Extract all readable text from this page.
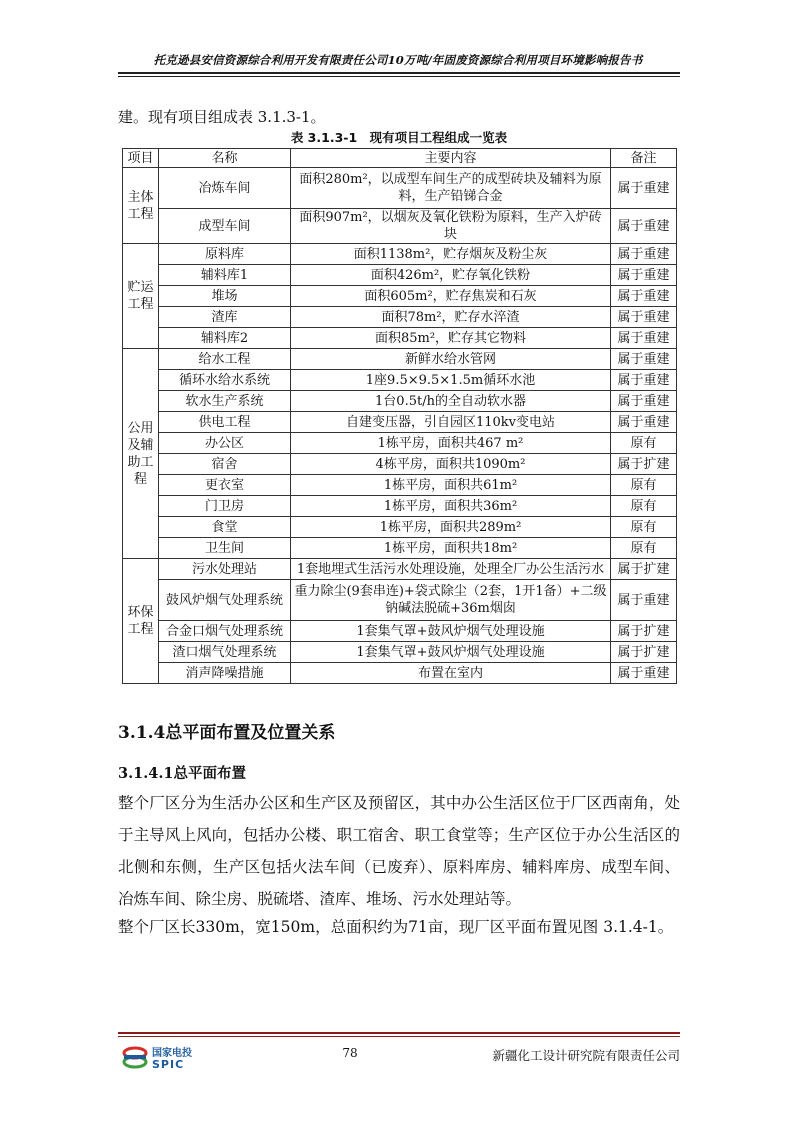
托克逊县安信资源综合利用开发有限责任公司10万吨/年固废资源综合利用项目环境影响报告书
建。现有项目组成表 3.1.3-1。
表 3.1.3-1　现有项目工程组成一览表
项目	名称	主要内容	备注

主体
工程	冶炼车间	面积280m²，以成型车间生产的成型砖块及辅料为原料，生产铅锑合金	属于重建
	成型车间	面积907m²，以烟灰及氧化铁粉为原料，生产入炉砖块	属于重建

贮运
工程	原料库	面积1138m²，贮存烟灰及粉尘灰	属于重建
	辅料库1	面积426m²，贮存氧化铁粉	属于重建
	堆场	面积605m²，贮存焦炭和石灰	属于重建
	渣库	面积78m²，贮存水淬渣	属于重建
	辅料库2	面积85m²，贮存其它物料	属于重建

公用
及辅
助工
程	给水工程	新鲜水给水管网	属于重建
	循环水给水系统	1座9.5×9.5×1.5m循环水池	属于重建
	软水生产系统	1台0.5t/h的全自动软水器	属于重建
	供电工程	自建变压器，引自园区110kv变电站	属于重建
	办公区	1栋平房，面积共467 m²	原有
	宿舍	4栋平房，面积共1090m²	属于扩建
	更衣室	1栋平房，面积共61m²	原有
	门卫房	1栋平房，面积共36m²	原有
	食堂	1栋平房，面积共289m²	原有
	卫生间	1栋平房，面积共18m²	原有

环保
工程	污水处理站	1套地埋式生活污水处理设施，处理全厂办公生活污水	属于扩建
	鼓风炉烟气处理系统	重力除尘(9套串连)+袋式除尘（2套，1开1备）+二级钠碱法脱硫+36m烟囱	属于重建
	合金口烟气处理系统	1套集气罩+鼓风炉烟气处理设施	属于扩建
	渣口烟气处理系统	1套集气罩+鼓风炉烟气处理设施	属于扩建
	消声降噪措施	布置在室内	属于重建
3.1.4总平面布置及位置关系
3.1.4.1总平面布置

整个厂区分为生活办公区和生产区及预留区，其中办公生活区位于厂区西南角，处于主导风上风向，包括办公楼、职工宿舍、职工食堂等；生产区位于办公生活区的北侧和东侧，生产区包括火法车间（已废弃）、原料库房、辅料库房、成型车间、冶炼车间、除尘房、脱硫塔、渣库、堆场、污水处理站等。

整个厂区长330m，宽150m，总面积约为71亩，现厂区平面布置见图 3.1.4-1。

国家电投
SPIC
78	新疆化工设计研究院有限责任公司
